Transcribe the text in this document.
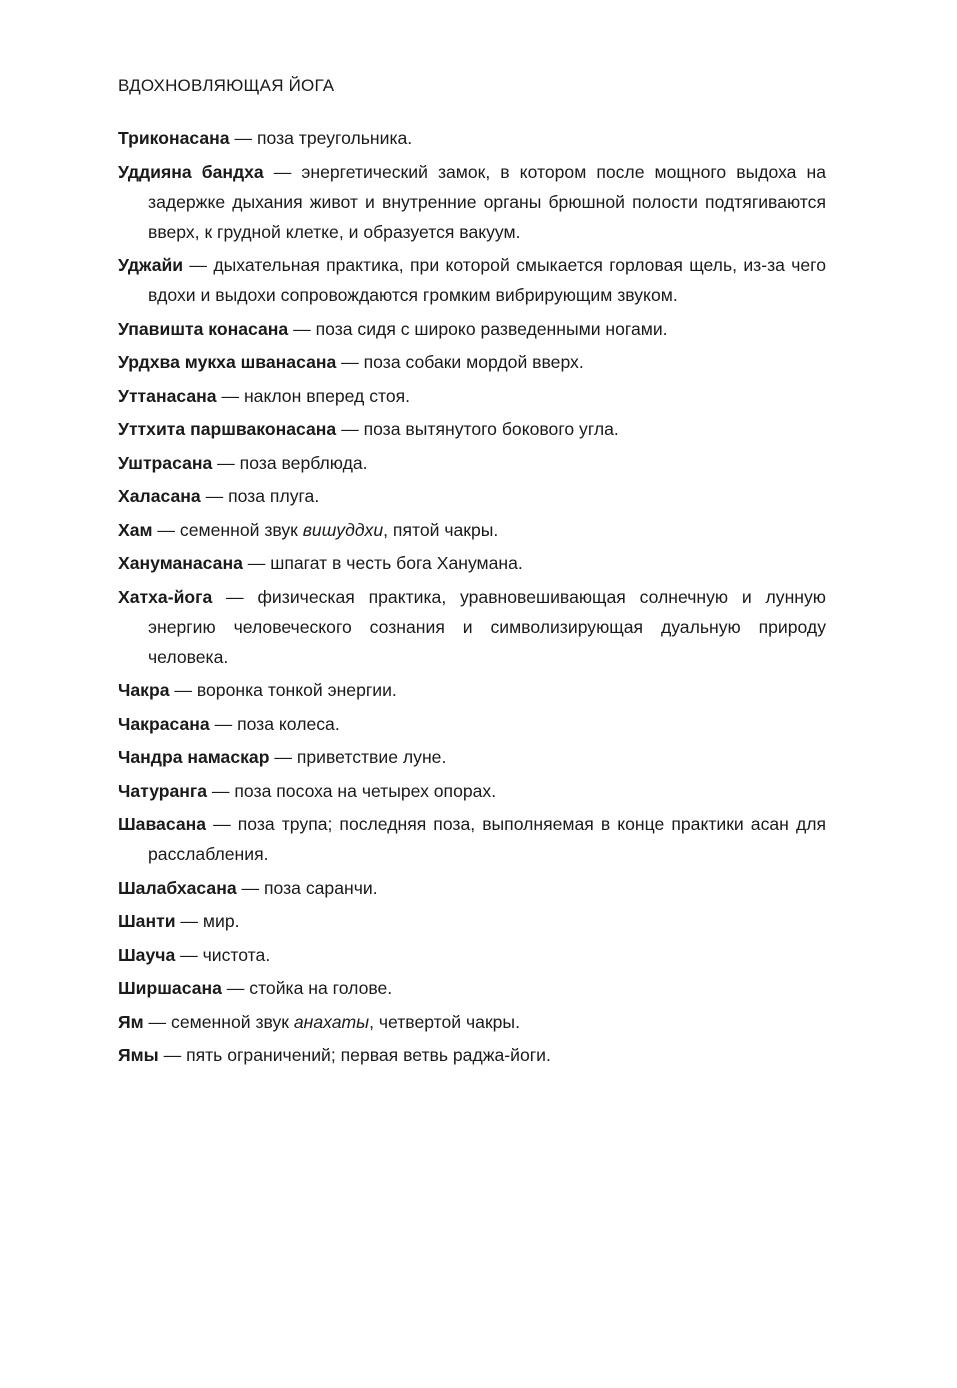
ВДОХНОВЛЯЮЩАЯ ЙОГА

Триконасана — поза треугольника.

Уддияна бандха — энергетический замок, в котором после мощного выдоха на задержке дыхания живот и внутренние органы брюшной полости подтягиваются вверх, к грудной клетке, и образуется вакуум.

Уджайи — дыхательная практика, при которой смыкается горловая щель, из-за чего вдохи и выдохи сопровождаются громким вибрирующим звуком.

Упавишта конасана — поза сидя с широко разведенными ногами.

Урдхва мукха шванасана — поза собаки мордой вверх.

Уттанасана — наклон вперед стоя.

Уттхита паршваконасана — поза вытянутого бокового угла.

Уштрасана — поза верблюда.

Халасана — поза плуга.

Хам — семенной звук вишуддхи, пятой чакры.

Хануманасана — шпагат в честь бога Ханумана.

Хатха-йога — физическая практика, уравновешивающая солнечную и лунную энергию человеческого сознания и символизирующая дуальную природу человека.

Чакра — воронка тонкой энергии.

Чакрасана — поза колеса.

Чандра намаскар — приветствие луне.

Чатуранга — поза посоха на четырех опорах.

Шавасана — поза трупа; последняя поза, выполняемая в конце практики асан для расслабления.

Шалабхасана — поза саранчи.

Шанти — мир.

Шауча — чистота.

Ширшасана — стойка на голове.

Ям — семенной звук анахаты, четвертой чакры.

Ямы — пять ограничений; первая ветвь раджа-йоги.
